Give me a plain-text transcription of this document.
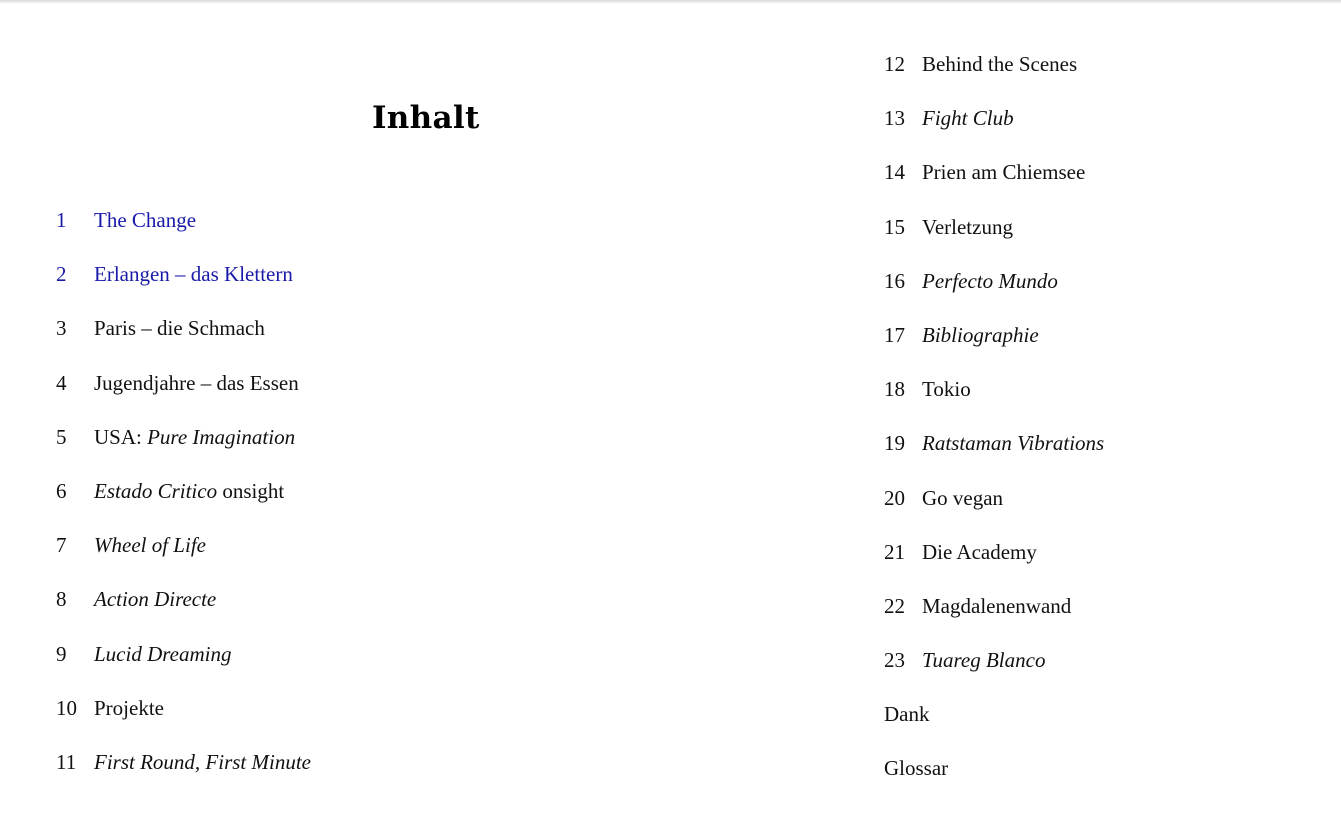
Inhalt
1	The Change
2	Erlangen – das Klettern
3	Paris – die Schmach
4	Jugendjahre – das Essen
5	USA: Pure Imagination
6	Estado Critico onsight
7	Wheel of Life
8	Action Directe
9	Lucid Dreaming
10 Projekte
11 First Round, First Minute
12 Behind the Scenes
13 Fight Club
14 Prien am Chiemsee
15 Verletzung
16 Perfecto Mundo
17 Bibliographie
18 Tokio
19 Ratstaman Vibrations
20 Go vegan
21 Die Academy
22 Magdalenenwand
23 Tuareg Blanco
Dank
Glossar
